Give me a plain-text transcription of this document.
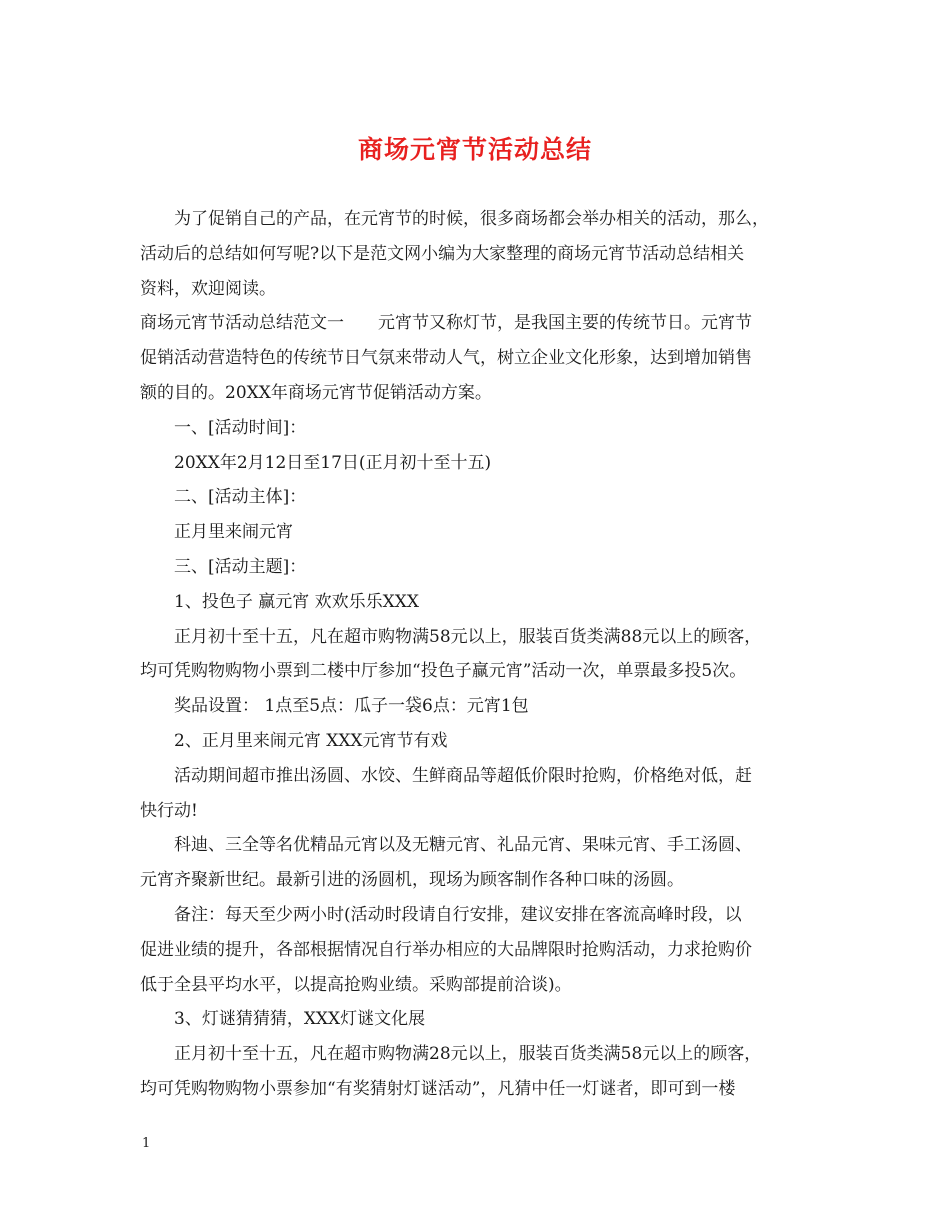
商场元宵节活动总结

为了促销自己的产品，在元宵节的时候，很多商场都会举办相关的活动，那么，

活动后的总结如何写呢?以下是范文网小编为大家整理的商场元宵节活动总结相关

资料，欢迎阅读。

商场元宵节活动总结范文一　　元宵节又称灯节，是我国主要的传统节日。元宵节

促销活动营造特色的传统节日气氛来带动人气，树立企业文化形象，达到增加销售

额的目的。20XX年商场元宵节促销活动方案。

一、[活动时间]：

20XX年2月12日至17日(正月初十至十五)

二、[活动主体]：

正月里来闹元宵

三、[活动主题]：

1、投色子 赢元宵 欢欢乐乐XXX

正月初十至十五，凡在超市购物满58元以上，服装百货类满88元以上的顾客，

均可凭购物购物小票到二楼中厅参加“投色子赢元宵”活动一次，单票最多投5次。

奖品设置： 1点至5点：瓜子一袋6点：元宵1包

2、正月里来闹元宵 XXX元宵节有戏

活动期间超市推出汤圆、水饺、生鲜商品等超低价限时抢购，价格绝对低，赶

快行动!

科迪、三全等名优精品元宵以及无糖元宵、礼品元宵、果味元宵、手工汤圆、

元宵齐聚新世纪。最新引进的汤圆机，现场为顾客制作各种口味的汤圆。

备注：每天至少两小时(活动时段请自行安排，建议安排在客流高峰时段，以

促进业绩的提升，各部根据情况自行举办相应的大品牌限时抢购活动，力求抢购价

低于全县平均水平，以提高抢购业绩。采购部提前洽谈)。

3、灯谜猜猜猜，XXX灯谜文化展

正月初十至十五，凡在超市购物满28元以上，服装百货类满58元以上的顾客，

均可凭购物购物小票参加“有奖猜射灯谜活动”，凡猜中任一灯谜者，即可到一楼

1
